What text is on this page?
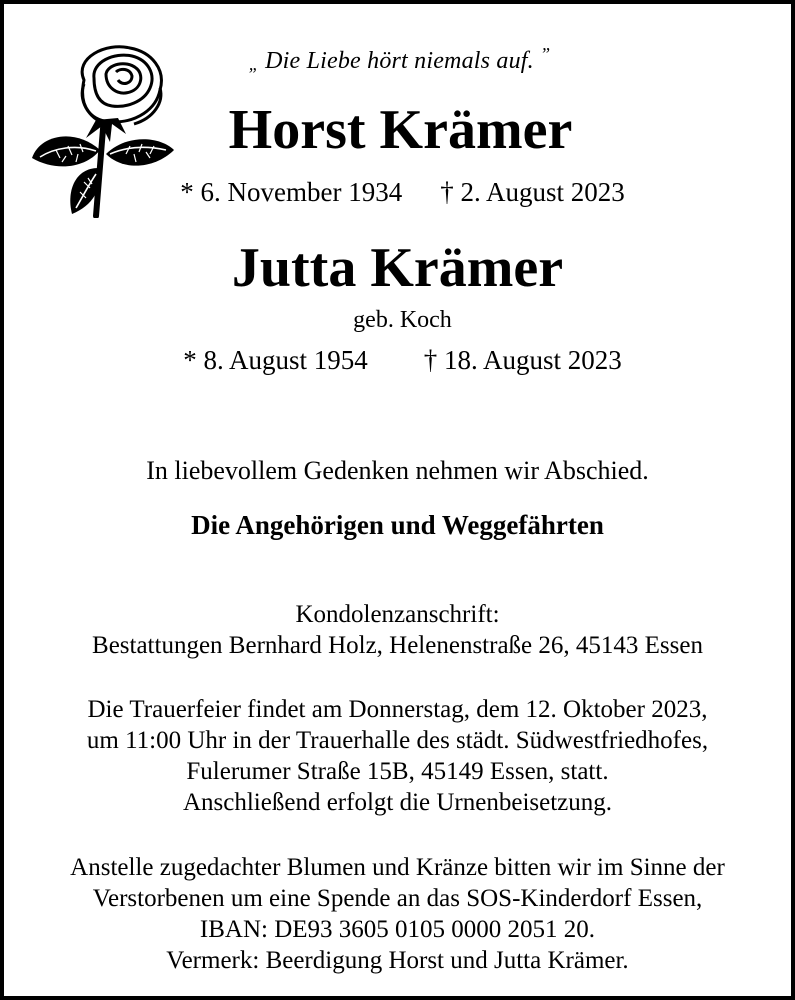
„ Die Liebe hört niemals auf. ”
Horst Krämer
* 6. November 1934 † 2. August 2023
Jutta Krämer
geb. Koch
* 8. August 1954 † 18. August 2023
In liebevollem Gedenken nehmen wir Abschied.
Die Angehörigen und Weggefährten
Kondolenzanschrift:
Bestattungen Bernhard Holz, Helenenstraße 26, 45143 Essen
Die Trauerfeier findet am Donnerstag, dem 12. Oktober 2023,
um 11:00 Uhr in der Trauerhalle des städt. Südwestfriedhofes,
Fulerumer Straße 15B, 45149 Essen, statt.
Anschließend erfolgt die Urnenbeisetzung.
Anstelle zugedachter Blumen und Kränze bitten wir im Sinne der
Verstorbenen um eine Spende an das SOS-Kinderdorf Essen,
IBAN: DE93 3605 0105 0000 2051 20.
Vermerk: Beerdigung Horst und Jutta Krämer.
